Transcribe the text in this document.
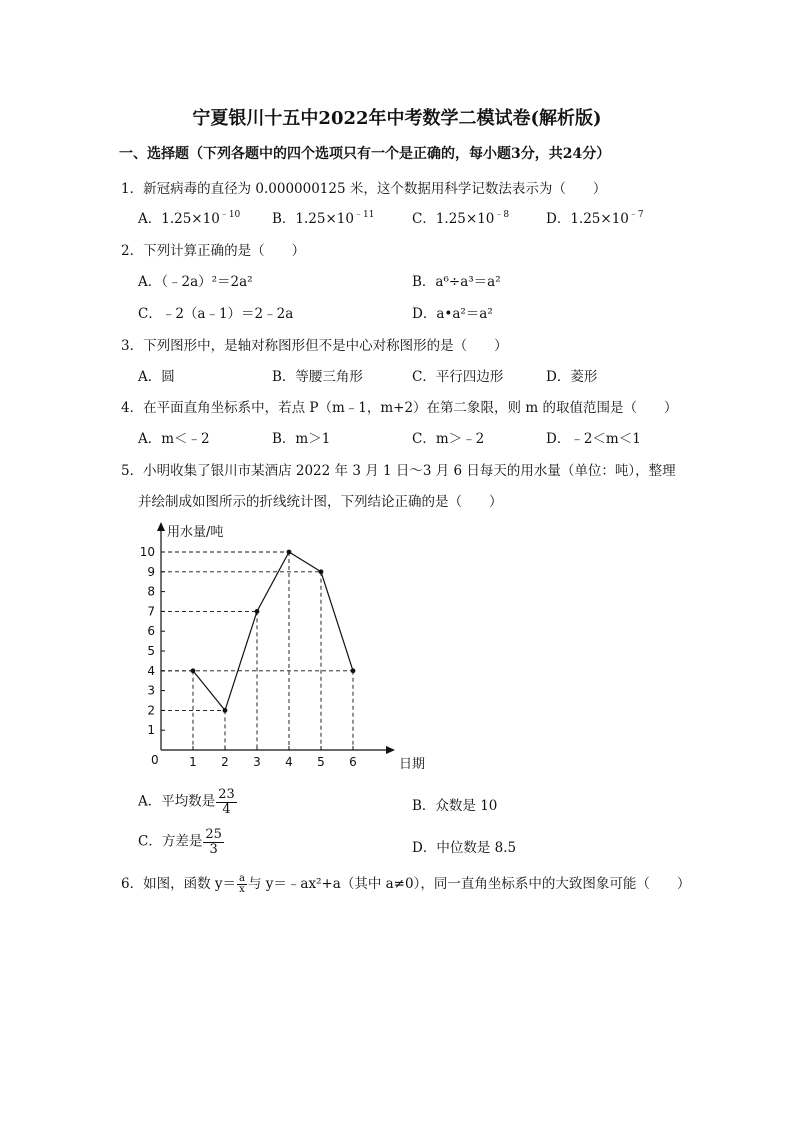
宁夏银川十五中2022年中考数学二模试卷(解析版)
一、选择题（下列各题中的四个选项只有一个是正确的，每小题3分，共24分）
1．新冠病毒的直径为 0.000000125 米，这个数据用科学记数法表示为（　　）
A．$1.25\times 10^{﹣10}$ B．$1.25\times 10^{﹣11}$	C．$1.25\times 10^{﹣8}$	D．$1.25\times 10^{﹣7}$
2．下列计算正确的是（　　）
A．（﹣2a）²＝2a²	B．a⁶÷a³＝a²
C．﹣2（a﹣1）＝2﹣2a	D．a•a²＝a²
3．下列图形中，是轴对称图形但不是中心对称图形的是（　　）
A．圆	B．等腰三角形	C．平行四边形	D．菱形
4．在平面直角坐标系中，若点 P（m﹣1，m+2）在第二象限，则 m 的取值范围是（　　）
A．m＜﹣2	B．m＞1	C．m＞﹣2	D．﹣2＜m＜1
5．小明收集了银川市某酒店 2022 年 3 月 1 日～3 月 6 日每天的用水量（单位：吨），整理
并绘制成如图所示的折线统计图，下列结论正确的是（　　）
用水量/吨
日期
0
1
2
3
4
5
6
7
8
9
10
1 2 3 4 5 6
A．平均数是 $\frac{23}{4}$	B．众数是 10
C．方差是 $\frac{25}{3}$	D．中位数是 8.5
6．如图，函数 $y= \frac{a}{x}$ 与 y＝﹣ax²+a（其中 a≠0），同一直角坐标系中的大致图象可能（　　）
